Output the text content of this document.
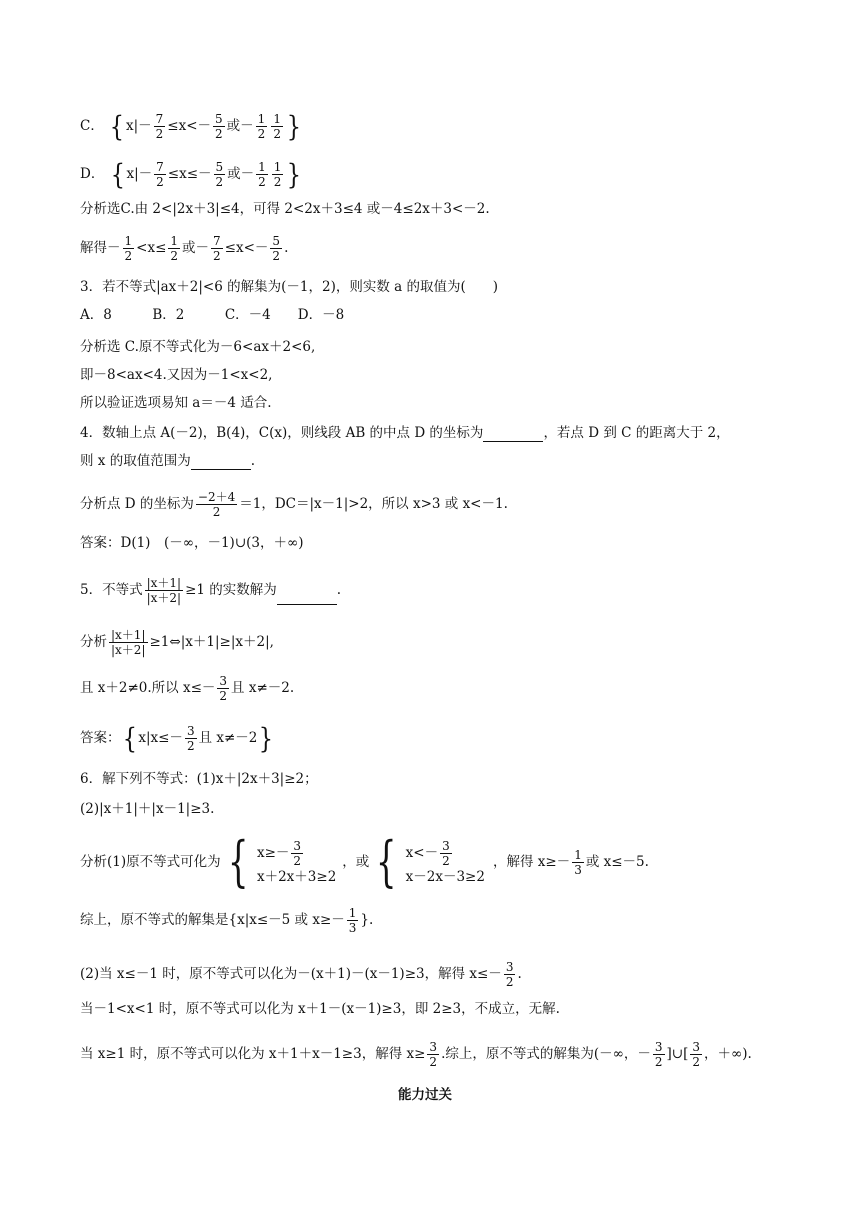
C． { $x|- \frac{7}{2} \le x<- \frac{5}{2}$ 或－ $\frac{1}{2} \frac{1}{2}$ }
D． { $x|- \frac{7}{2} \le x\le- \frac{5}{2}$ 或－ $\frac{1}{2} \frac{1}{2}$ }
分析选C.由 2<|2x＋3|≤4，可得 2<2x＋3≤4 或－4≤2x＋3<－2.
解得－ $\frac{1}{2} <x\le \frac{1}{2}$ 或－ $\frac{7}{2} \le x<- \frac{5}{2}$ .
3．若不等式|ax＋2|<6 的解集为(－1，2)，则实数 a 的取值为(　　)
A．8　　　B．2　　　C．－4　　D．－8
分析选 C.原不等式化为－6<ax＋2<6,
即－8<ax<4.又因为－1<x<2,
所以验证选项易知 a＝－4 适合.
4．数轴上点 A(－2)，B(4)，C(x)，则线段 AB 的中点 D 的坐标为	，若点 D 到 C 的距离大于 2，
则 x 的取值范围为	.
分析点 D 的坐标为 $\frac{-2+4}{2} =1$，DC＝|x－1|>2，所以 x>3 或 x<－1.
答案：D(1)　(－∞，－1)∪(3，＋∞)
5．不等式 $\frac{|x+1|}{|x+2|} \ge 1$ 的实数解为	.
分析 $\frac{|x+1|}{|x+2|}$ ≥1⇔|x＋1|≥|x＋2|,
且 x＋2≠0.所以 $x\le- \frac{3}{2}$ 且 x≠－2.
答案：{ $x|x\le- \frac{3}{2}$ 且 x≠－2}
6．解下列不等式：(1)x＋|2x＋3|≥2；
(2)|x＋1|＋|x－1|≥3.
分析(1)原不等式可化为 { $x\ge- \frac{3}{2}$
x＋2x＋3≥2
，或 { $x<- \frac{3}{2}$
x－2x－3≥2
，解得 $x\ge- \frac{1}{3}$ 或 x≤－5.
综上，原不等式的解集是{x|x≤－5 或 $x\ge- \frac{1}{3}$ }.
(2)当 x≤－1 时，原不等式可以化为－(x＋1)－(x－1)≥3，解得 $x\le- \frac{3}{2}$ .
当－1<x<1 时，原不等式可以化为 x＋1－(x－1)≥3，即 2≥3，不成立，无解.
当 x≥1 时，原不等式可以化为 x＋1＋x－1≥3，解得 $x\ge \frac{3}{2}$ .综上，原不等式的解集为(－∞，－ $\frac{3}{2}$ ]∪[ $\frac{3}{2}$ ，＋∞).
能力过关
